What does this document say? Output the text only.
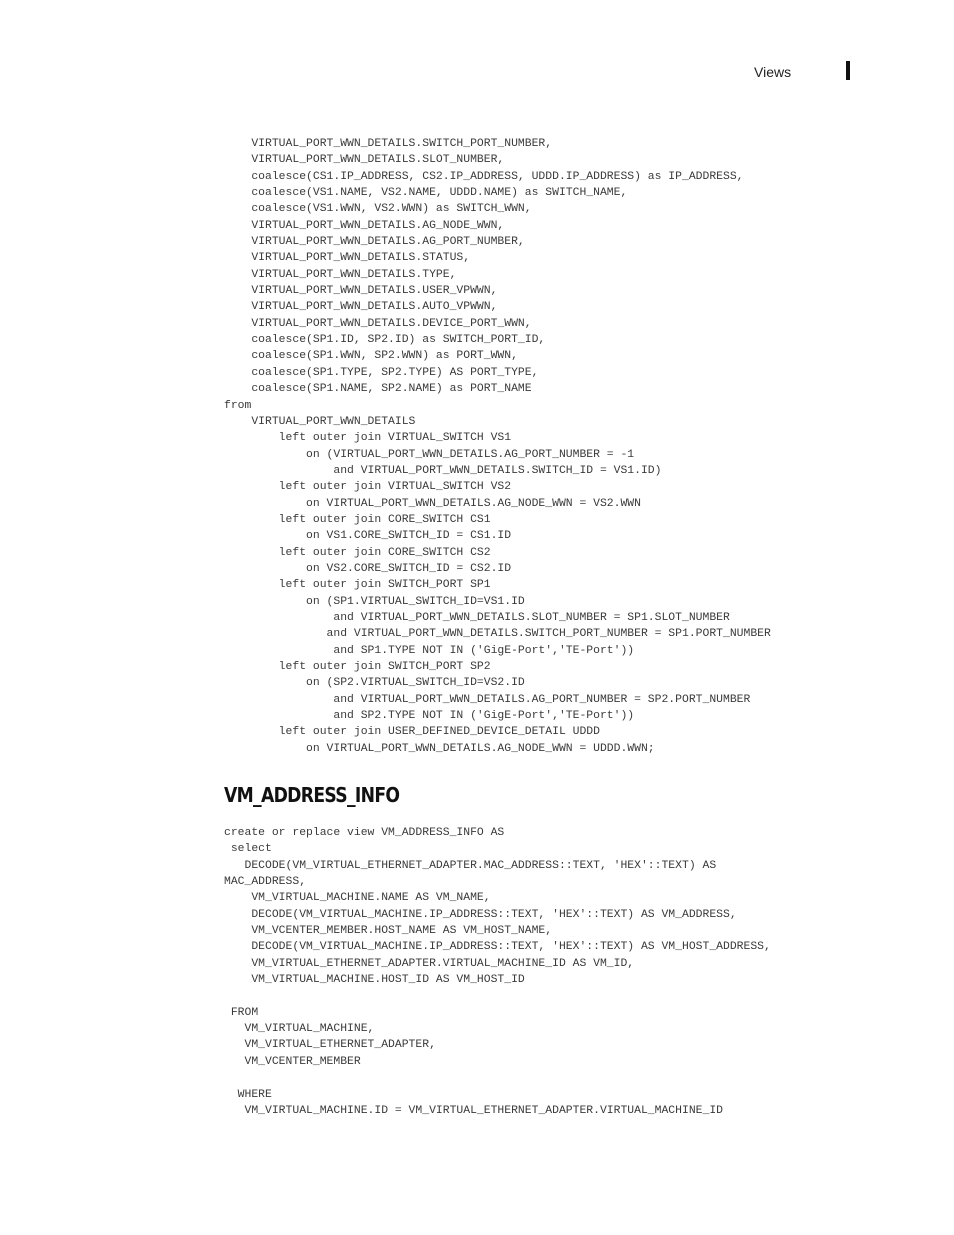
Views
VIRTUAL_PORT_WWN_DETAILS.SWITCH_PORT_NUMBER,
VIRTUAL_PORT_WWN_DETAILS.SLOT_NUMBER,
coalesce(CS1.IP_ADDRESS, CS2.IP_ADDRESS, UDDD.IP_ADDRESS) as IP_ADDRESS,
coalesce(VS1.NAME, VS2.NAME, UDDD.NAME) as SWITCH_NAME,
coalesce(VS1.WWN, VS2.WWN) as SWITCH_WWN,
VIRTUAL_PORT_WWN_DETAILS.AG_NODE_WWN,
VIRTUAL_PORT_WWN_DETAILS.AG_PORT_NUMBER,
VIRTUAL_PORT_WWN_DETAILS.STATUS,
VIRTUAL_PORT_WWN_DETAILS.TYPE,
VIRTUAL_PORT_WWN_DETAILS.USER_VPWWN,
VIRTUAL_PORT_WWN_DETAILS.AUTO_VPWWN,
VIRTUAL_PORT_WWN_DETAILS.DEVICE_PORT_WWN,
coalesce(SP1.ID, SP2.ID) as SWITCH_PORT_ID,
coalesce(SP1.WWN, SP2.WWN) as PORT_WWN,
coalesce(SP1.TYPE, SP2.TYPE) AS PORT_TYPE,
coalesce(SP1.NAME, SP2.NAME) as PORT_NAME
from
VIRTUAL_PORT_WWN_DETAILS
left outer join VIRTUAL_SWITCH VS1
on (VIRTUAL_PORT_WWN_DETAILS.AG_PORT_NUMBER = -1
and VIRTUAL_PORT_WWN_DETAILS.SWITCH_ID = VS1.ID)
left outer join VIRTUAL_SWITCH VS2
on VIRTUAL_PORT_WWN_DETAILS.AG_NODE_WWN = VS2.WWN
left outer join CORE_SWITCH CS1
on VS1.CORE_SWITCH_ID = CS1.ID
left outer join CORE_SWITCH CS2
on VS2.CORE_SWITCH_ID = CS2.ID
left outer join SWITCH_PORT SP1
on (SP1.VIRTUAL_SWITCH_ID=VS1.ID
and VIRTUAL_PORT_WWN_DETAILS.SLOT_NUMBER = SP1.SLOT_NUMBER
and VIRTUAL_PORT_WWN_DETAILS.SWITCH_PORT_NUMBER = SP1.PORT_NUMBER
and SP1.TYPE NOT IN ('GigE-Port','TE-Port'))
left outer join SWITCH_PORT SP2
on (SP2.VIRTUAL_SWITCH_ID=VS2.ID
and VIRTUAL_PORT_WWN_DETAILS.AG_PORT_NUMBER = SP2.PORT_NUMBER
and SP2.TYPE NOT IN ('GigE-Port','TE-Port'))
left outer join USER_DEFINED_DEVICE_DETAIL UDDD
on VIRTUAL_PORT_WWN_DETAILS.AG_NODE_WWN = UDDD.WWN;
VM_ADDRESS_INFO
create or replace view VM_ADDRESS_INFO AS
select
DECODE(VM_VIRTUAL_ETHERNET_ADAPTER.MAC_ADDRESS::TEXT, 'HEX'::TEXT) AS
MAC_ADDRESS,
VM_VIRTUAL_MACHINE.NAME AS VM_NAME,
DECODE(VM_VIRTUAL_MACHINE.IP_ADDRESS::TEXT, 'HEX'::TEXT) AS VM_ADDRESS,
VM_VCENTER_MEMBER.HOST_NAME AS VM_HOST_NAME,
DECODE(VM_VIRTUAL_MACHINE.IP_ADDRESS::TEXT, 'HEX'::TEXT) AS VM_HOST_ADDRESS,
VM_VIRTUAL_ETHERNET_ADAPTER.VIRTUAL_MACHINE_ID AS VM_ID,
VM_VIRTUAL_MACHINE.HOST_ID AS VM_HOST_ID

FROM
VM_VIRTUAL_MACHINE,
VM_VIRTUAL_ETHERNET_ADAPTER,
VM_VCENTER_MEMBER

WHERE
VM_VIRTUAL_MACHINE.ID = VM_VIRTUAL_ETHERNET_ADAPTER.VIRTUAL_MACHINE_ID
